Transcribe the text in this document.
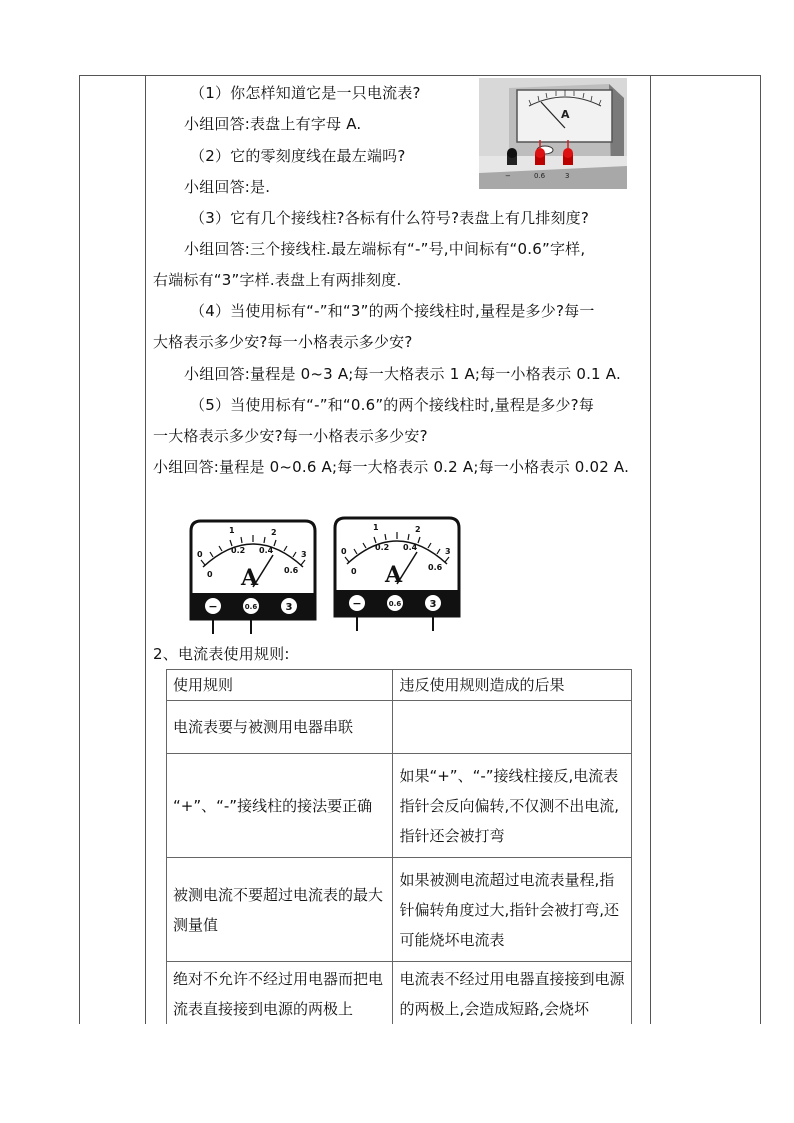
（1）你怎样知道它是一只电流表?
小组回答:表盘上有字母 A.
（2）它的零刻度线在最左端吗?
小组回答:是.
（3）它有几个接线柱?各标有什么符号?表盘上有几排刻度?
小组回答:三个接线柱.最左端标有“-”号,中间标有“0.6”字样,
右端标有“3”字样.表盘上有两排刻度.
（4）当使用标有“-”和“3”的两个接线柱时,量程是多少?每一
大格表示多少安?每一小格表示多少安?
小组回答:量程是 0~3 A;每一大格表示 1 A;每一小格表示 0.1 A.
（5）当使用标有“-”和“0.6”的两个接线柱时,量程是多少?每
一大格表示多少安?每一小格表示多少安?
小组回答:量程是 0~0.6 A;每一大格表示 0.2 A;每一小格表示 0.02 A.
A
−	0.6	3
0
1	2
3
0
0.2 0.4
0.6
A
−	0.6	3
0
1	2
3
0
0.2 0.4
0.6
A
−	0.6	3
2、电流表使用规则:
使用规则	违反使用规则造成的后果
电流表要与被测用电器串联	
“+”、“-”接线柱的接法要正确	如果“+”、“-”接线柱接反,电流表指针会反向偏转,不仅测不出电流,指针还会被打弯
被测电流不要超过电流表的最大测量值	如果被测电流超过电流表量程,指针偏转角度过大,指针会被打弯,还可能烧坏电流表
绝对不允许不经过用电器而把电流表直接接到电源的两极上	电流表不经过用电器直接接到电源的两极上,会造成短路,会烧坏
